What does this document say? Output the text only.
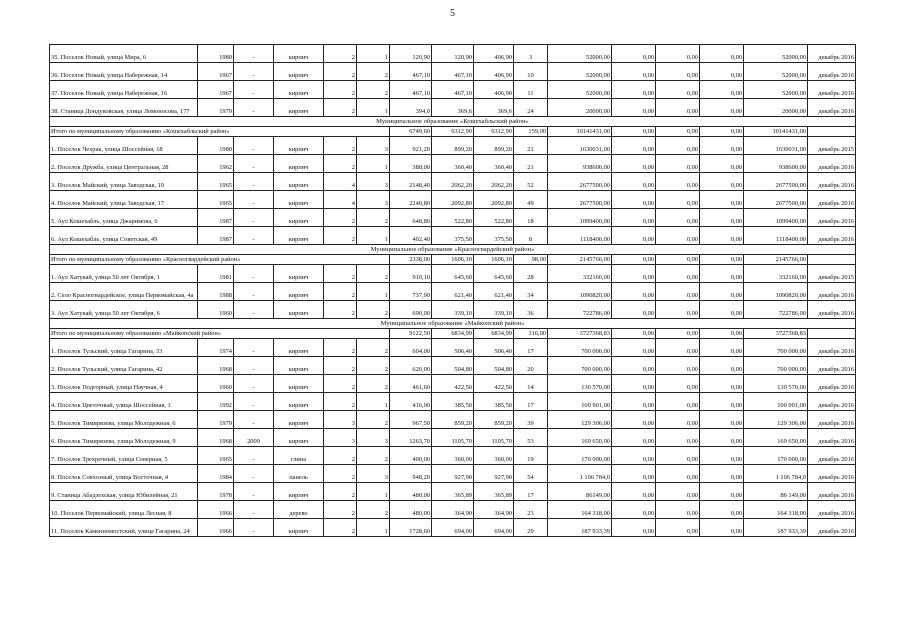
5
35. Поселок Новый, улица Мира, 6	1980	-	кирпич	2	1	120,90	120,90	406,90	3	52000,00	0,00	0,00	0,00	52000,00	декабрь 2016
36. Поселок Новый, улица Набережная, 14	1967	-	кирпич	2	2	467,10	467,10	406,90	10	52000,00	0,00	0,00	0,00	52000,00	декабрь 2016
37. Поселок Новый, улица Набережная, 16	1967	-	кирпич	2	2	467,10	467,10	406,90	11	52000,00	0,00	0,00	0,00	52000,00	декабрь 2016
38. Станица Дондуковская, улица Ломоносова, 177	1979	-	кирпич	2	1	394,0	369,6	369,6	24	20000,00	0,00	0,00	0,00	20000,00	декабрь 2016
Муниципальное образование «Кошехабльский район»															
Итого по муниципальному образованию «Кошехабльский район»						6749,60	6312,90	6312,90	159,00	10141431,00	0,00	0,00	0,00	10141431,00	
1. Поселок Чехрак, улица Шоссейная, 18	1980	-	кирпич	2	3	921,20	899,20	899,20	21	1630031,00	0,00	0,00	0,00	1630031,00	декабрь 2015
2. Поселок Дружба, улица Центральная, 28	1962	-	кирпич	2	1	388,00	360,40	360,40	21	938600,00	0,00	0,00	0,00	938600,00	декабрь 2016
3. Поселок Майский, улица Заводская, 19	1965	-	кирпич	4	3	2148,40	2062,20	2062,20	52	2677500,00	0,00	0,00	0,00	2677500,00	декабрь 2016
4. Поселок Майский, улица Заводская, 17	1965	-	кирпич	4	3	2240,80	2092,80	2092,80	49	2677500,00	0,00	0,00	0,00	2677500,00	декабрь 2016
5. Аул Кошехабль, улица Джаримова, 6	1987	-	кирпич	2	2	648,80	522,80	522,80	18	1099400,00	0,00	0,00	0,00	1099400,00	декабрь 2016
6. Аул Кошехабль, улица Советская, 49	1987	-	кирпич	2	1	402,40	375,50	375,50	8	1118400,00	0,00	0,00	0,00	1118400,00	декабрь 2016
Муниципальное образование «Красногвардейский район»															
Итого по муниципальному образованию «Красногвардейский район»						2338,00	1606,10	1606,10	98,00	2145766,00	0,00	0,00	0,00	2145766,00	
1. Аул Хатукай, улица 50 лет Октября, 1	1981	-	кирпич	2	2	910,10	645,60	645,60	28	332160,00	0,00	0,00	0,00	332160,00	декабрь 2015
2. Село Красногвардейское, улица Первомайская, 4а	1988	-	кирпич	2	1	737,90	621,40	621,40	34	1090820,00	0,00	0,00	0,00	1090820,00	декабрь 2016
3. Аул Хатукай, улица 50 лет Октября, 6	1960	-	кирпич	2	2	690,00	339,10	339,10	36	722786,00	0,00	0,00	0,00	722786,00	декабрь 2016
Муниципальное образование «Майкопский район»															
Итого по муниципальному образованию «Майкопский район»						9122,50	6834,99	6834,99	316,00	3727368,83	0,00	0,00	0,00	3727368,83	
1. Поселок Тульский, улица Гагарина, 33	1974	-	кирпич	2	2	604,00	506,40	506,40	17	700 000,00	0,00	0,00	0,00	700 000,00	декабрь 2016
2. Поселок Тульский, улица Гагарина, 42	1968	-	кирпич	2	2	620,00	504,80	504,80	20	700 000,00	0,00	0,00	0,00	700 000,00	декабрь 2016
3. Поселок Подгорный, улица Научная, 4	1960	-	кирпич	2	2	461,60	422,50	422,50	14	130 570,00	0,00	0,00	0,00	130 570,00	декабрь 2016
4. Поселок Цветочный, улица Шоссейная, 1	1992	-	кирпич	2	1	416,90	385,50	385,50	17	100 901,00	0,00	0,00	0,00	100 901,00	декабрь 2016
5. Поселок Тимирязева, улица Молодежная, 6	1979	-	кирпич	3	2	967,50	859,20	859,20	39	129 306,00	0,00	0,00	0,00	129 306,00	декабрь 2016
6. Поселок Тимирязева, улица Молодежная, 9	1968	2009	кирпич	3	3	1263,70	1105,70	1105,70	53	169 650,00	0,00	0,00	0,00	169 650,00	декабрь 2016
7. Поселок Трехречный, улица Северная, 5	1965	-	глина	2	2	400,00	360,00	360,00	19	170 000,00	0,00	0,00	0,00	170 000,00	декабрь 2016
8. Поселок Совхозный, улица Восточная, 4	1984	-	панель	2	3	948,20	927,90	927,90	54	1 106 784,0	0,00	0,00	0,00	1 106 784,0	декабрь 2016
9. Станица Абадзехская, улица Юбилейная, 21	1978	-	кирпич	2	1	480,00	365,89	365,89	17	86149,00	0,00	0,00	0,00	86 149,00	декабрь 2016
10. Поселок Первомайский, улица Лесная, 8	1966	-	дерево	2	2	480,00	364,90	364,90	23	164 318,00	0,00	0,00	0,00	164 318,00	декабрь 2016
11. Поселок Каменномостский, улица Гагарина, 24	1966	-	кирпич	2	1	1728,60	694,00	694,00	29	187 933,39	0,00	0,00	0,00	187 933,39	декабрь 2016
